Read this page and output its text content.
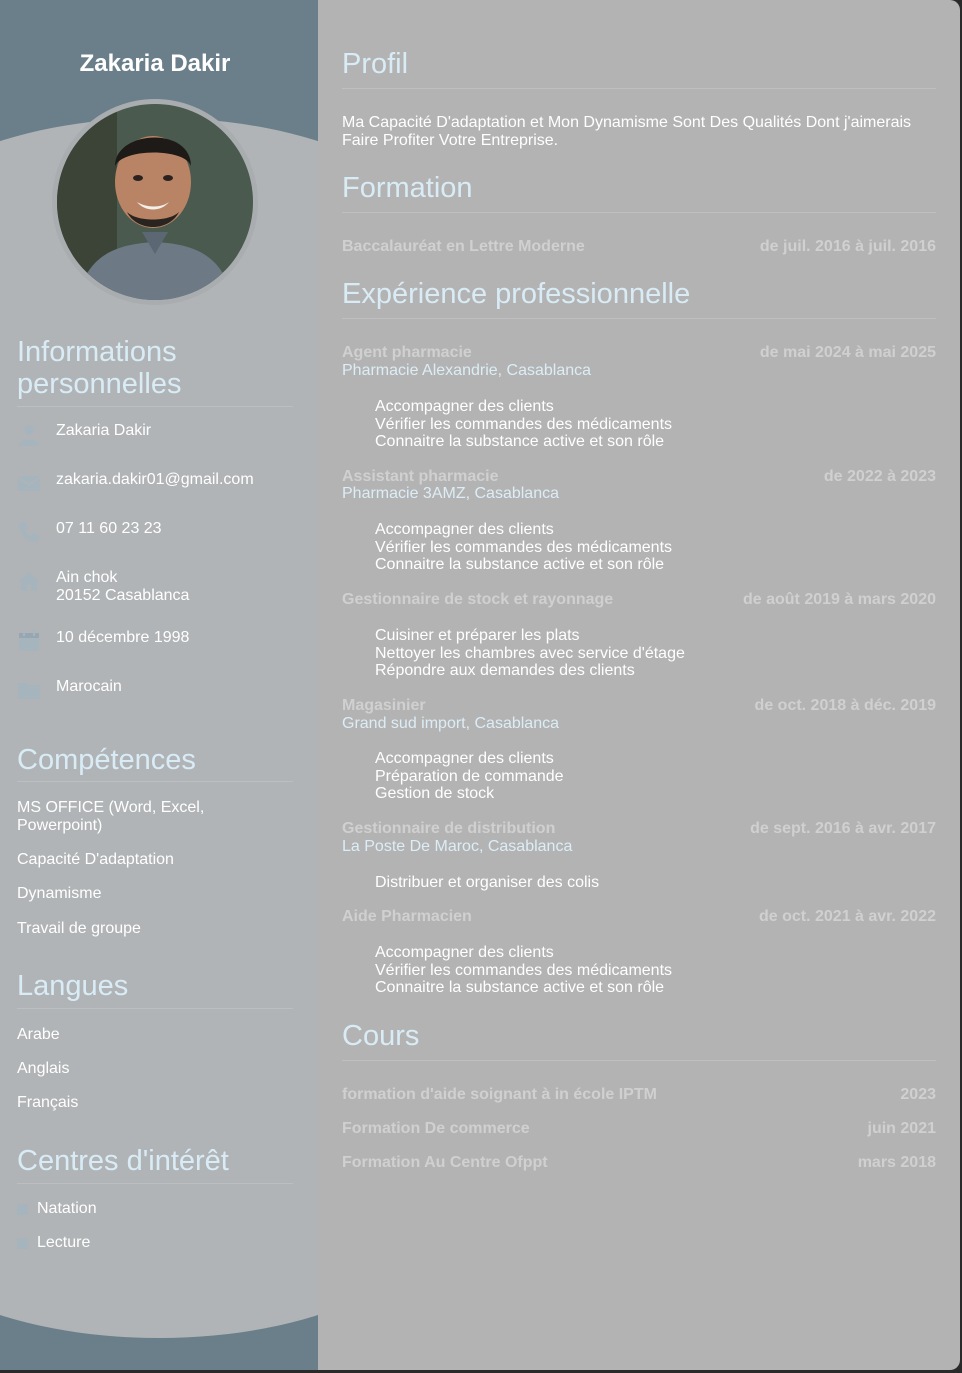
Zakaria Dakir
Informations personnelles
Zakaria Dakir
zakaria.dakir01@gmail.com
07 11 60 23 23
Ain chok
20152 Casablanca
10 décembre 1998
Marocain
Compétences
MS OFFICE (Word, Excel, Powerpoint)
Capacité D'adaptation
Dynamisme
Travail de groupe
Langues
Arabe
Anglais
Français
Centres d'intérêt
Natation
Lecture
Profil
Ma Capacité D'adaptation et Mon Dynamisme Sont Des Qualités Dont j'aimerais Faire Profiter Votre Entreprise.
Formation
Baccalauréat en Lettre Moderne	de juil. 2016 à juil. 2016
Expérience professionnelle
Agent pharmacie	de mai 2024 à mai 2025
Pharmacie Alexandrie, Casablanca
Accompagner des clients
Vérifier les commandes des médicaments
Connaitre la substance active et son rôle
Assistant pharmacie	de 2022 à 2023
Pharmacie 3AMZ, Casablanca
Accompagner des clients
Vérifier les commandes des médicaments
Connaitre la substance active et son rôle
Gestionnaire de stock et rayonnage	de août 2019 à mars 2020
Cuisiner et préparer les plats
Nettoyer les chambres avec service d'étage
Répondre aux demandes des clients
Magasinier	de oct. 2018 à déc. 2019
Grand sud import, Casablanca
Accompagner des clients
Préparation de commande
Gestion de stock
Gestionnaire de distribution	de sept. 2016 à avr. 2017
La Poste De Maroc, Casablanca
Distribuer et organiser des colis
Aide Pharmacien	de oct. 2021 à avr. 2022
Accompagner des clients
Vérifier les commandes des médicaments
Connaitre la substance active et son rôle
Cours
formation d'aide soignant à in école IPTM	2023
Formation De commerce	juin 2021
Formation Au Centre Ofppt	mars 2018
